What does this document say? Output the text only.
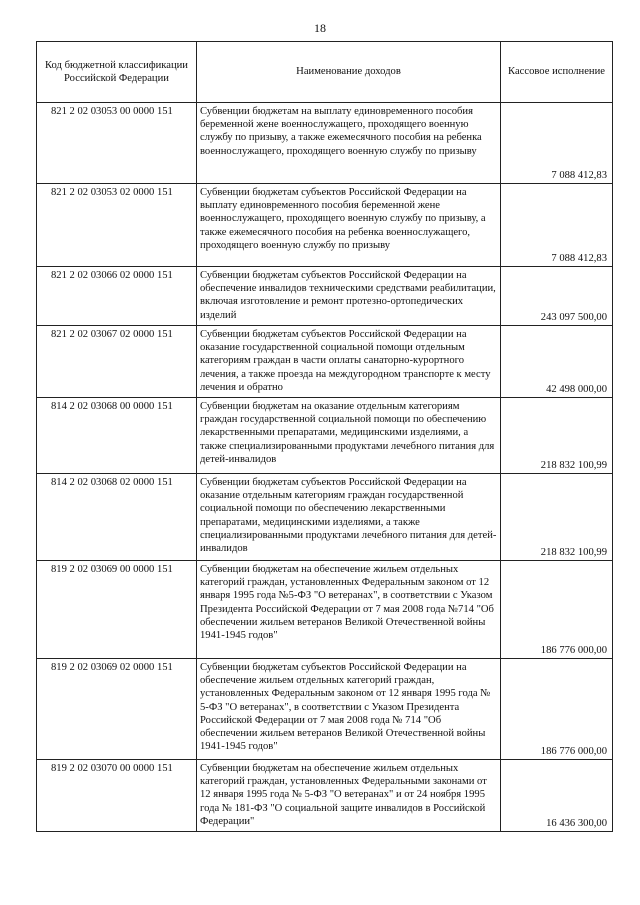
18
Код бюджетной классификации Российской Федерации	Наименование доходов	Кассовое исполнение
821 2 02 03053 00 0000 151	Субвенции бюджетам на выплату единовременного пособия беременной жене военнослужащего, проходящего военную службу по призыву, а также ежемесячного пособия на ребенка военнослужащего, проходящего военную службу по призыву	7 088 412,83
821 2 02 03053 02 0000 151	Субвенции бюджетам субъектов Российской Федерации на выплату единовременного пособия беременной жене военнослужащего, проходящего военную службу по призыву, а также ежемесячного пособия на ребенка военнослужащего, проходящего военную службу по призыву	7 088 412,83
821 2 02 03066 02 0000 151	Субвенции бюджетам субъектов Российской Федерации на обеспечение инвалидов техническими средствами реабилитации, включая изготовление и ремонт протезно-ортопедических изделий	243 097 500,00
821 2 02 03067 02 0000 151	Субвенции бюджетам субъектов Российской Федерации на оказание государственной социальной помощи отдельным категориям граждан в части оплаты санаторно-курортного лечения, а также проезда на междугородном транспорте к месту лечения и обратно	42 498 000,00
814 2 02 03068 00 0000 151	Субвенции бюджетам на оказание отдельным категориям граждан государственной социальной помощи по обеспечению лекарственными препаратами, медицинскими изделиями, а также специализированными продуктами лечебного питания для детей-инвалидов	218 832 100,99
814 2 02 03068 02 0000 151	Субвенции бюджетам субъектов Российской Федерации на оказание отдельным категориям граждан государственной социальной помощи по обеспечению лекарственными препаратами, медицинскими изделиями, а также специализированными продуктами лечебного питания для детей-инвалидов	218 832 100,99
819 2 02 03069 00 0000 151	Субвенции бюджетам на обеспечение жильем отдельных категорий граждан, установленных Федеральным законом от 12 января 1995 года №5-ФЗ "О ветеранах", в соответствии с Указом Президента Российской Федерации от 7 мая 2008 года №714 "Об обеспечении жильем ветеранов Великой Отечественной войны 1941-1945 годов"	186 776 000,00
819 2 02 03069 02 0000 151	Субвенции бюджетам субъектов Российской Федерации на обеспечение жильем отдельных категорий граждан, установленных Федеральным законом от 12 января 1995 года № 5-ФЗ "О ветеранах", в соответствии с Указом Президента Российской Федерации от 7 мая 2008 года № 714 "Об обеспечении жильем ветеранов Великой Отечественной войны 1941-1945 годов"	186 776 000,00
819 2 02 03070 00 0000 151	Субвенции бюджетам на обеспечение жильем отдельных категорий граждан, установленных Федеральными законами от 12 января 1995 года № 5-ФЗ "О ветеранах" и от 24 ноября 1995 года № 181-ФЗ "О социальной защите инвалидов в Российской Федерации"	16 436 300,00
